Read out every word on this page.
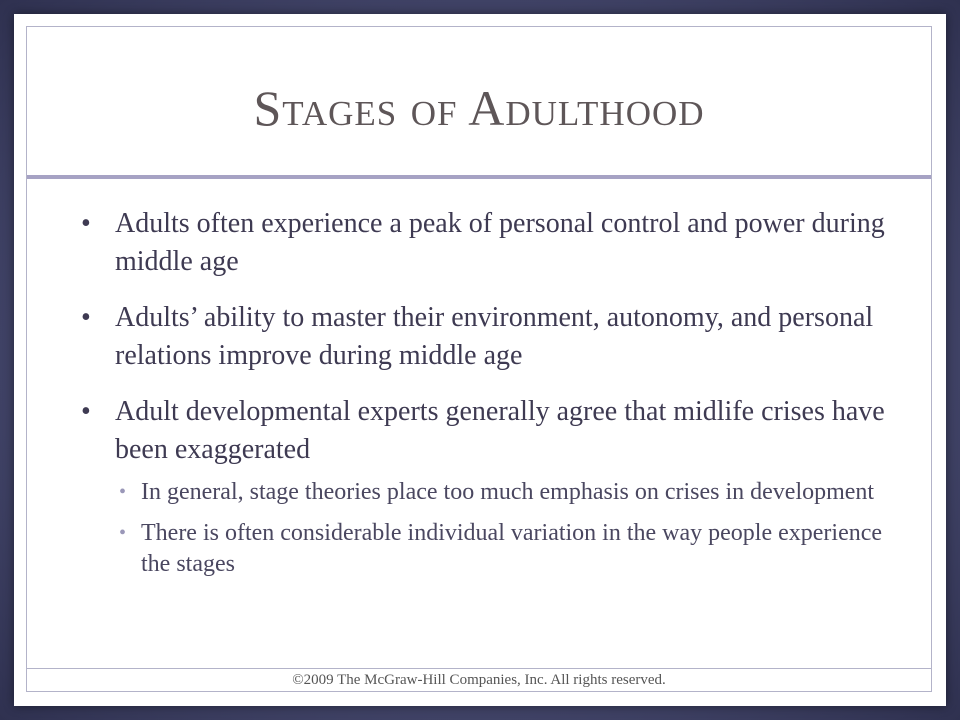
Stages of Adulthood

• Adults often experience a peak of personal control and power during middle age

• Adults’ ability to master their environment, autonomy, and personal relations improve during middle age

• Adult developmental experts generally agree that midlife crises have been exaggerated

• In general, stage theories place too much emphasis on crises in development

• There is often considerable individual variation in the way people experience the stages

©2009 The McGraw-Hill Companies, Inc. All rights reserved.
